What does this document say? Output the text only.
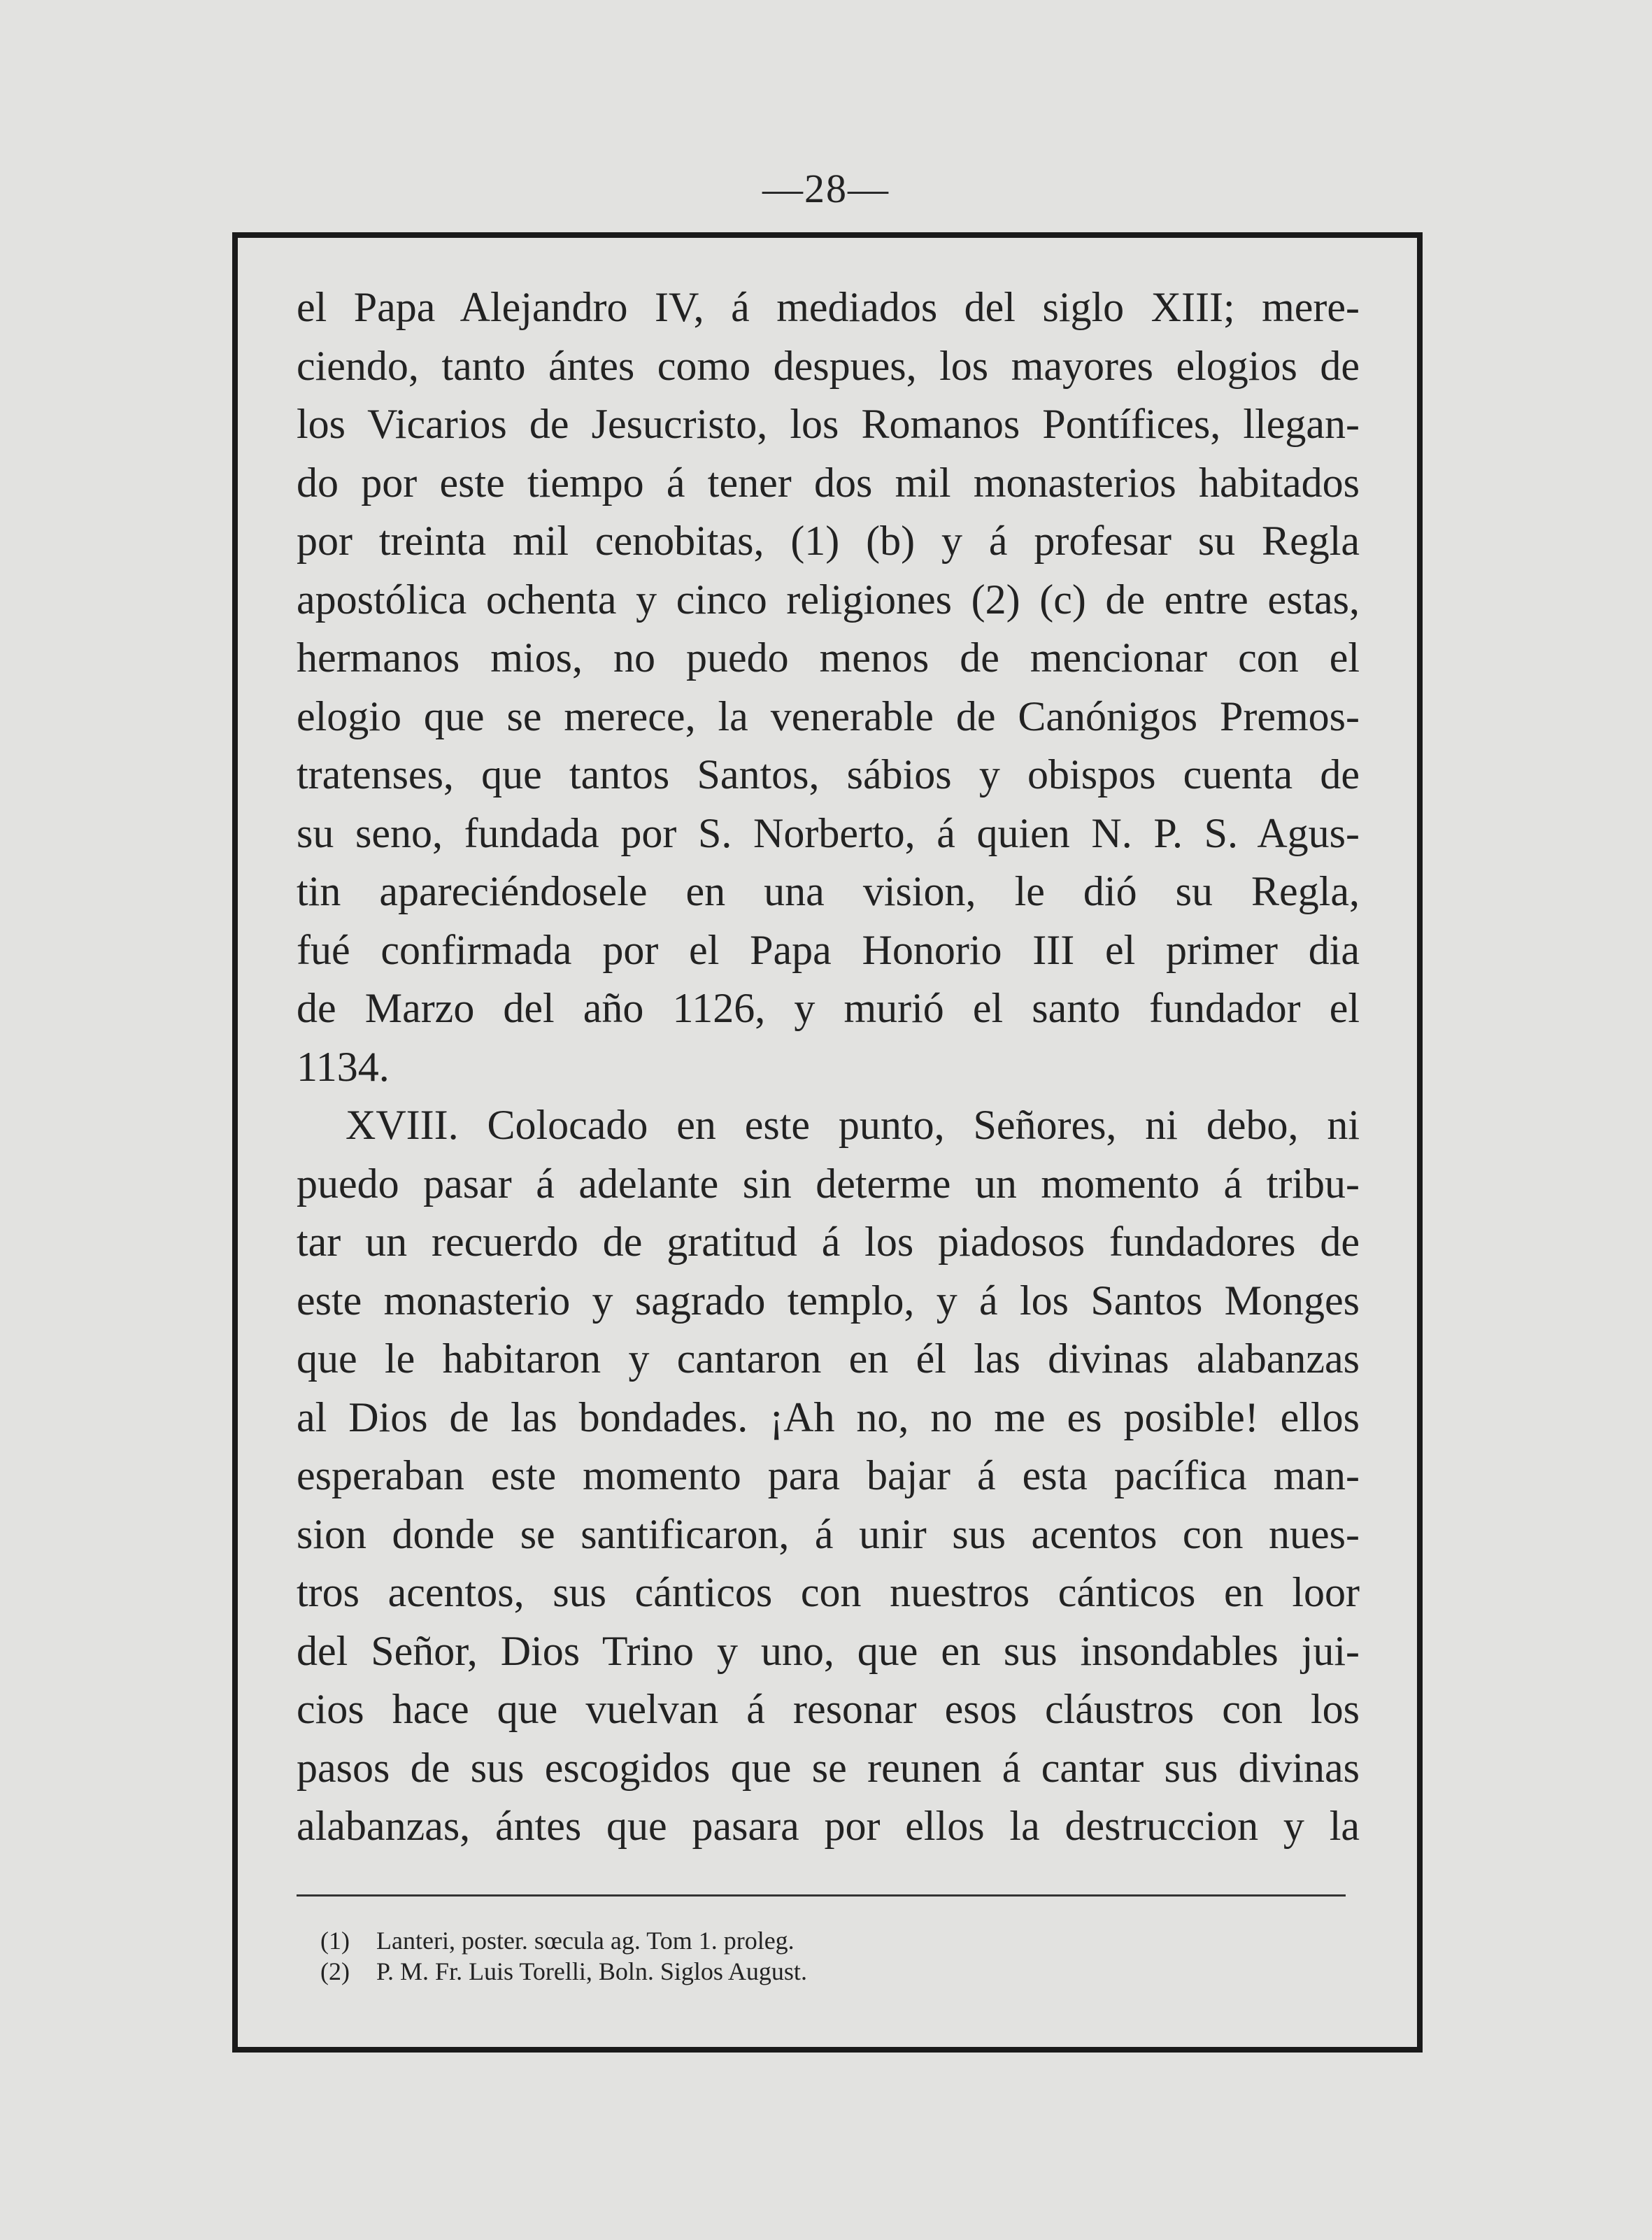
—28—
el Papa Alejandro IV, á mediados del siglo XIII; mere-
ciendo, tanto ántes como despues, los mayores elogios de
los Vicarios de Jesucristo, los Romanos Pontífices, llegan-
do por este tiempo á tener dos mil monasterios habitados
por treinta mil cenobitas, (1) (b) y á profesar su Regla
apostólica ochenta y cinco religiones (2) (c) de entre estas,
hermanos mios, no puedo menos de mencionar con el
elogio que se merece, la venerable de Canónigos Premos-
tratenses, que tantos Santos, sábios y obispos cuenta de
su seno, fundada por S. Norberto, á quien N. P. S. Agus-
tin apareciéndosele en una vision, le dió su Regla,
fué confirmada por el Papa Honorio III el primer dia
de Marzo del año 1126, y murió el santo fundador el
1134.
XVIII. Colocado en este punto, Señores, ni debo, ni
puedo pasar á adelante sin determe un momento á tribu-
tar un recuerdo de gratitud á los piadosos fundadores de
este monasterio y sagrado templo, y á los Santos Monges
que le habitaron y cantaron en él las divinas alabanzas
al Dios de las bondades. ¡Ah no, no me es posible! ellos
esperaban este momento para bajar á esta pacífica man-
sion donde se santificaron, á unir sus acentos con nues-
tros acentos, sus cánticos con nuestros cánticos en loor
del Señor, Dios Trino y uno, que en sus insondables jui-
cios hace que vuelvan á resonar esos cláustros con los
pasos de sus escogidos que se reunen á cantar sus divinas
alabanzas, ántes que pasara por ellos la destruccion y la
(1) Lanteri, poster. sœcula ag. Tom 1. proleg.
(2) P. M. Fr. Luis Torelli, Boln. Siglos August.
